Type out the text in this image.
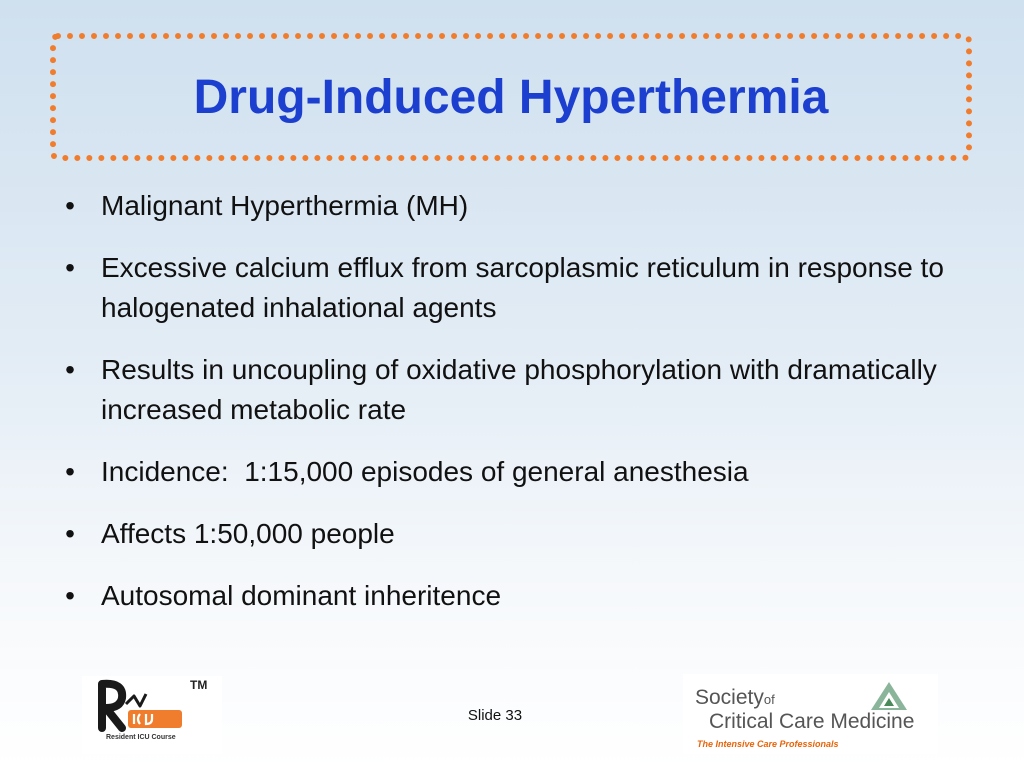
Drug-Induced Hyperthermia
• Malignant Hyperthermia (MH)
• Excessive calcium efflux from sarcoplasmic reticulum in response to halogenated inhalational agents
• Results in uncoupling of oxidative phosphorylation with dramatically increased metabolic rate
• Incidence:  1:15,000 episodes of general anesthesia
• Affects 1:50,000 people
• Autosomal dominant inheritence
TM
Resident ICU Course
Slide 33
Societyof
Critical Care Medicine
The Intensive Care Professionals
